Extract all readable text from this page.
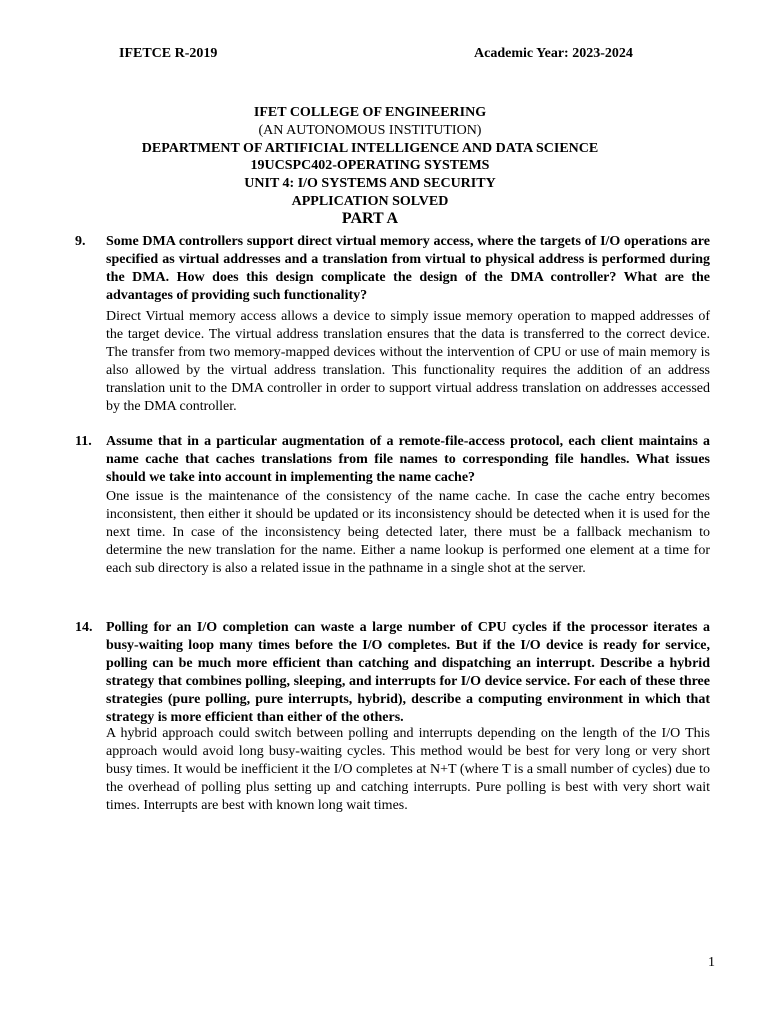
IFETCE R-2019	Academic Year: 2023-2024
IFET COLLEGE OF ENGINEERING
(AN AUTONOMOUS INSTITUTION)
DEPARTMENT OF ARTIFICIAL INTELLIGENCE AND DATA SCIENCE
19UCSPC402-OPERATING SYSTEMS
UNIT 4: I/O SYSTEMS AND SECURITY
APPLICATION SOLVED
PART A
9. Some DMA controllers support direct virtual memory access, where the targets of I/O operations are specified as virtual addresses and a translation from virtual to physical address is performed during the DMA. How does this design complicate the design of the DMA controller? What are the advantages of providing such functionality?
Direct Virtual memory access allows a device to simply issue memory operation to mapped addresses of the target device. The virtual address translation ensures that the data is transferred to the correct device. The transfer from two memory-mapped devices without the intervention of CPU or use of main memory is also allowed by the virtual address translation. This functionality requires the addition of an address translation unit to the DMA controller in order to support virtual address translation on addresses accessed by the DMA controller.
11. Assume that in a particular augmentation of a remote-file-access protocol, each client maintains a name cache that caches translations from file names to corresponding file handles. What issues should we take into account in implementing the name cache?
One issue is the maintenance of the consistency of the name cache. In case the cache entry becomes inconsistent, then either it should be updated or its inconsistency should be detected when it is used for the next time. In case of the inconsistency being detected later, there must be a fallback mechanism to determine the new translation for the name. Either a name lookup is performed one element at a time for each sub directory is also a related issue in the pathname in a single shot at the server.
14. Polling for an I/O completion can waste a large number of CPU cycles if the processor iterates a busy-waiting loop many times before the I/O completes. But if the I/O device is ready for service, polling can be much more efficient than catching and dispatching an interrupt. Describe a hybrid strategy that combines polling, sleeping, and interrupts for I/O device service. For each of these three strategies (pure polling, pure interrupts, hybrid), describe a computing environment in which that strategy is more efficient than either of the others.
A hybrid approach could switch between polling and interrupts depending on the length of the I/O This approach would avoid long busy-waiting cycles. This method would be best for very long or very short busy times. It would be inefficient it the I/O completes at N+T (where T is a small number of cycles) due to the overhead of polling plus setting up and catching interrupts. Pure polling is best with very short wait times. Interrupts are best with known long wait times.
1
